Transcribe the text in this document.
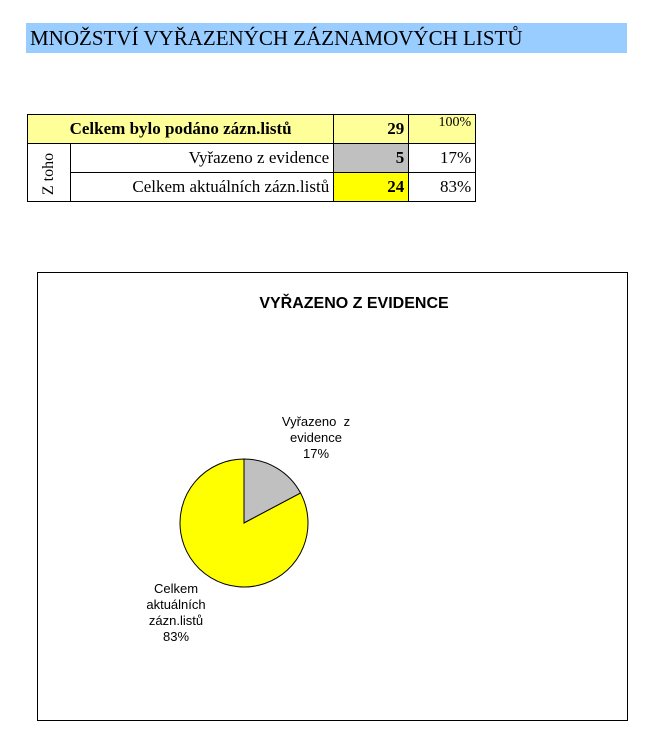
MNOŽSTVÍ VYŘAZENÝCH ZÁZNAMOVÝCH LISTŮ
Celkem bylo podáno zázn.listů		29	100%
Z toho	Vyřazeno z evidence	5	17%
	Celkem aktuálních zázn.listů	24	83%
VYŘAZENO Z EVIDENCE
Vyřazeno  z evidence 17%
Celkem aktuálních zázn.listů 83%
